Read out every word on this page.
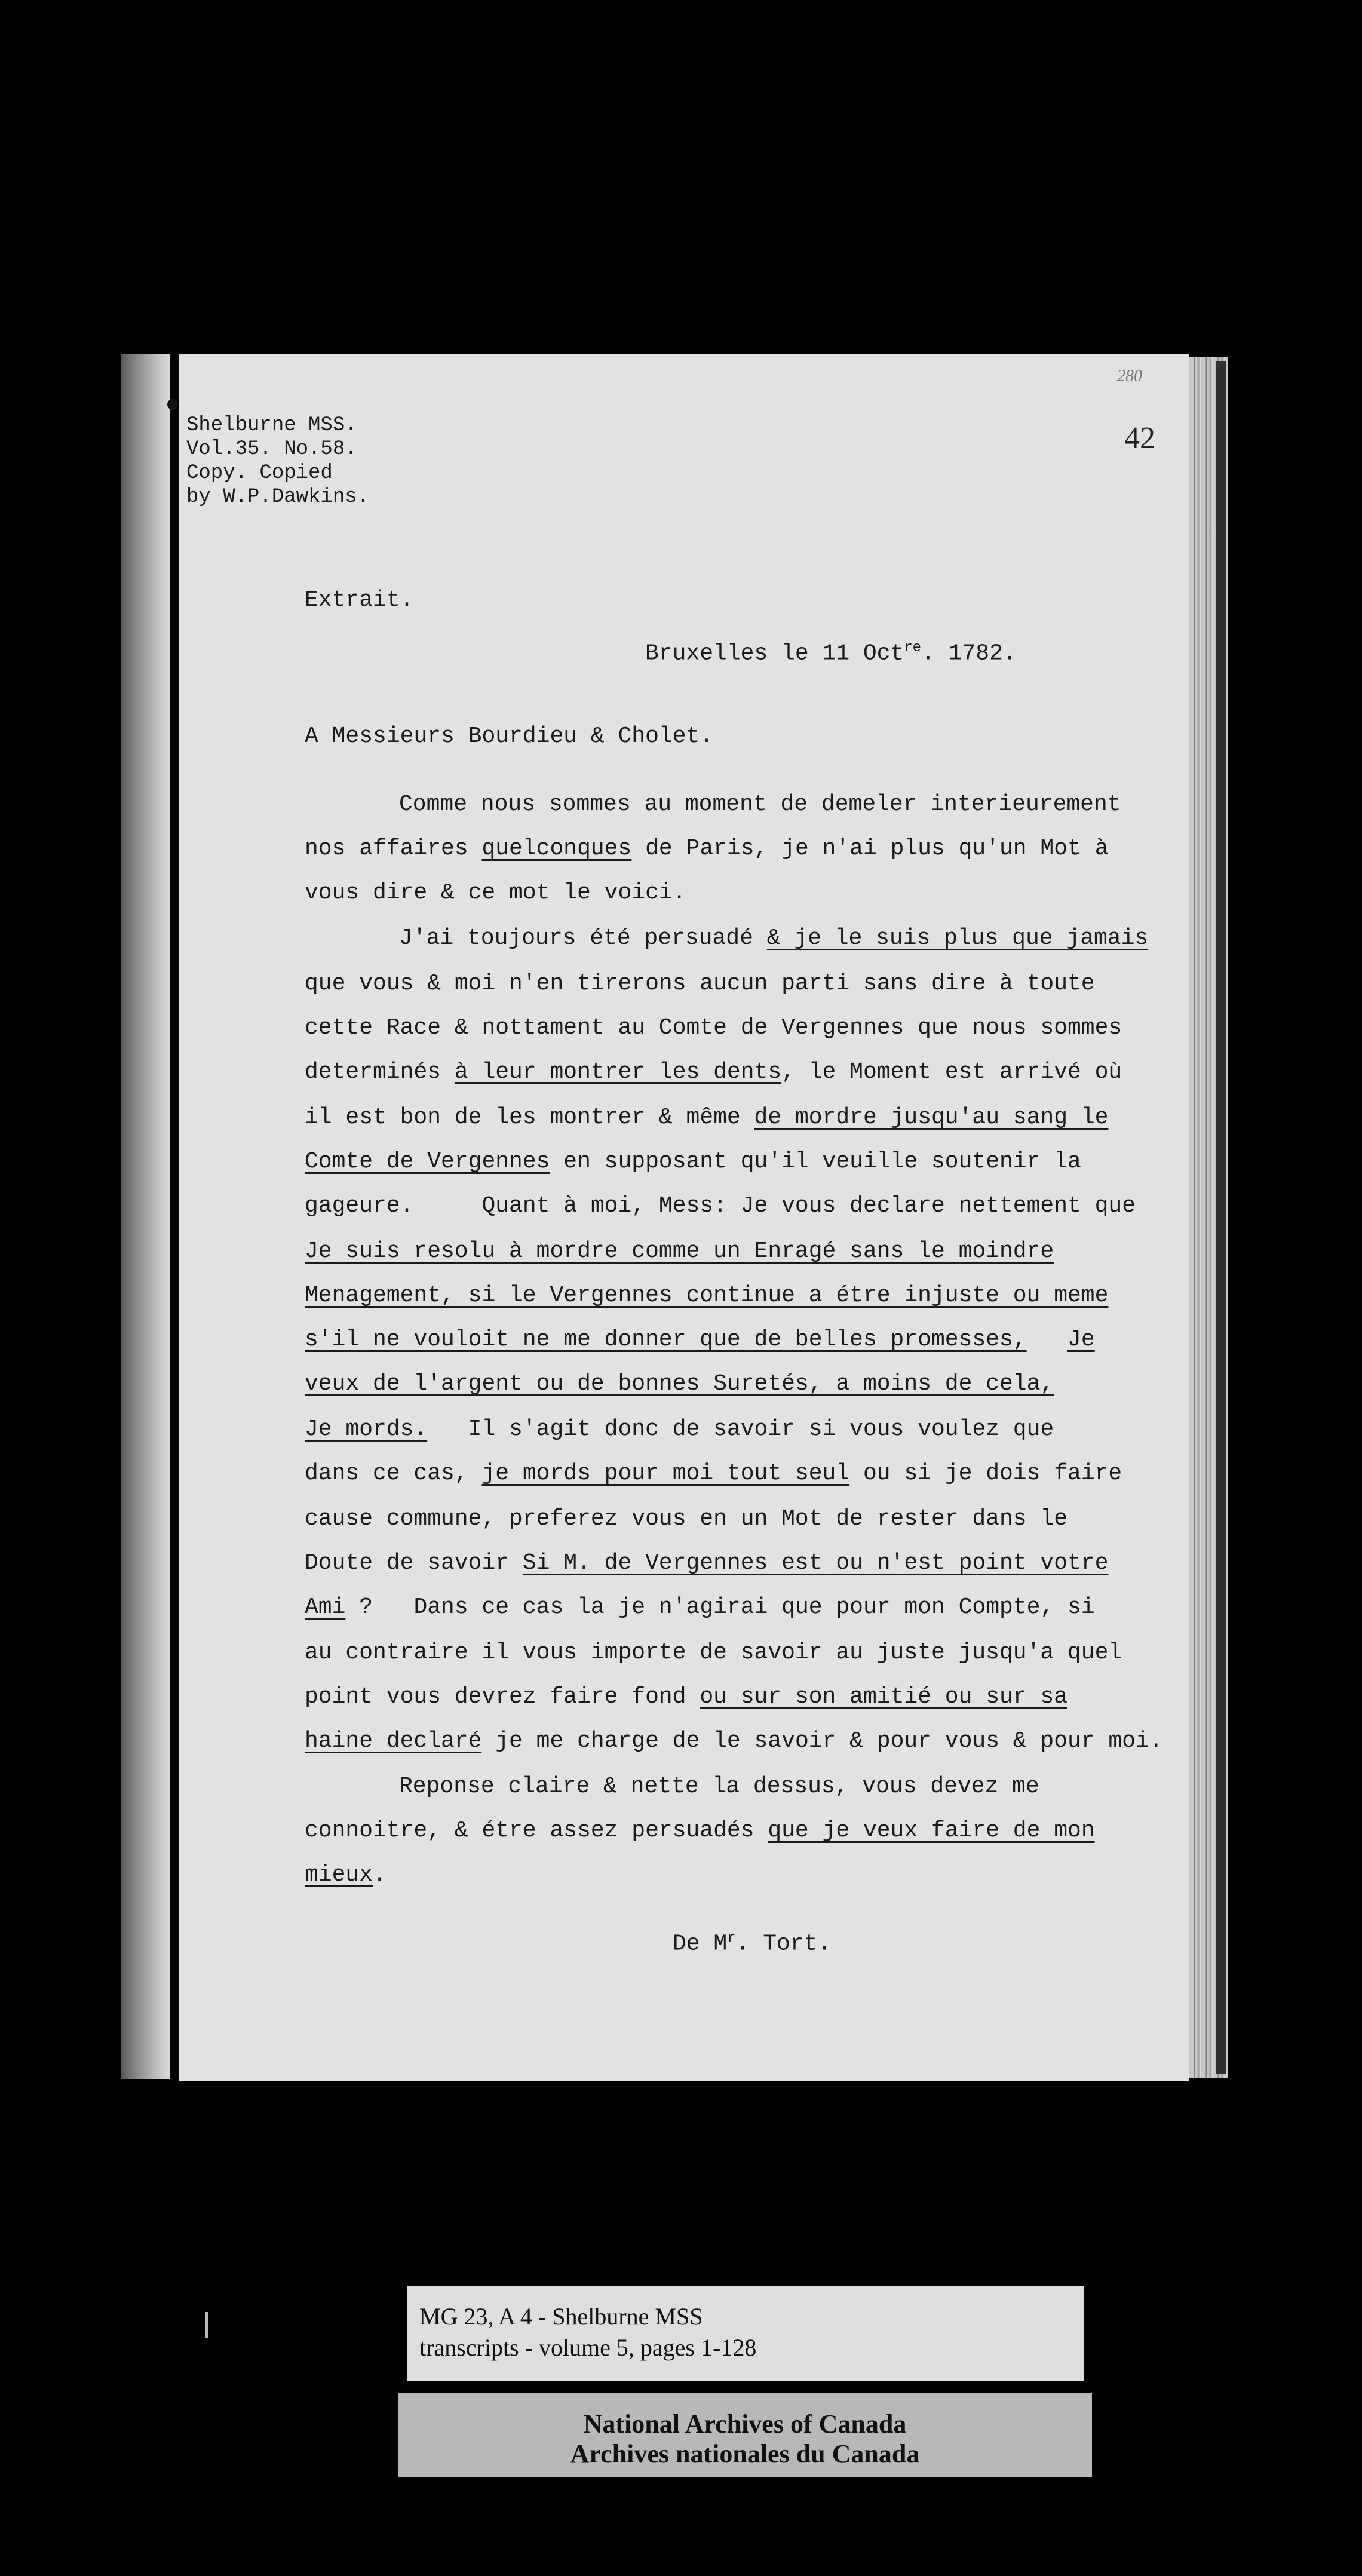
280
42
Shelburne MSS.
Vol.35. No.58.
Copy. Copied
by W.P.Dawkins.
Extrait.
Bruxelles le 11 Oct$^{re}$. 1782.
A Messieurs Bourdieu & Cholet.
Comme nous sommes au moment de demeler interieurement
nos affaires quelconques de Paris, je n'ai plus qu'un Mot à
vous dire & ce mot le voici.
J'ai toujours été persuadé & je le suis plus que jamais
que vous & moi n'en tirerons aucun parti sans dire à toute
cette Race & nottament au Comte de Vergennes que nous sommes
determinés à leur montrer les dents, le Moment est arrivé où
il est bon de les montrer & même de mordre jusqu'au sang le
Comte de Vergennes en supposant qu'il veuille soutenir la
gageure.     Quant à moi, Mess: Je vous declare nettement que
Je suis resolu à mordre comme un Enragé sans le moindre
Menagement, si le Vergennes continue a étre injuste ou meme
s'il ne vouloit ne me donner que de belles promesses, Je
veux de l'argent ou de bonnes Suretés, a moins de cela,
Je mords.   Il s'agit donc de savoir si vous voulez que
dans ce cas, je mords pour moi tout seul ou si je dois faire
cause commune, preferez vous en un Mot de rester dans le
Doute de savoir Si M. de Vergennes est ou n'est point votre
Ami ?   Dans ce cas la je n'agirai que pour mon Compte, si
au contraire il vous importe de savoir au juste jusqu'a quel
point vous devrez faire fond ou sur son amitié ou sur sa
haine declaré je me charge de le savoir & pour vous & pour moi.
Reponse claire & nette la dessus, vous devez me
connoitre, & étre assez persuadés que je veux faire de mon
mieux.
De $M^r$. Tort.
MG 23, A 4 - Shelburne MSS
transcripts - volume 5, pages 1-128
National Archives of Canada
Archives nationales du Canada
